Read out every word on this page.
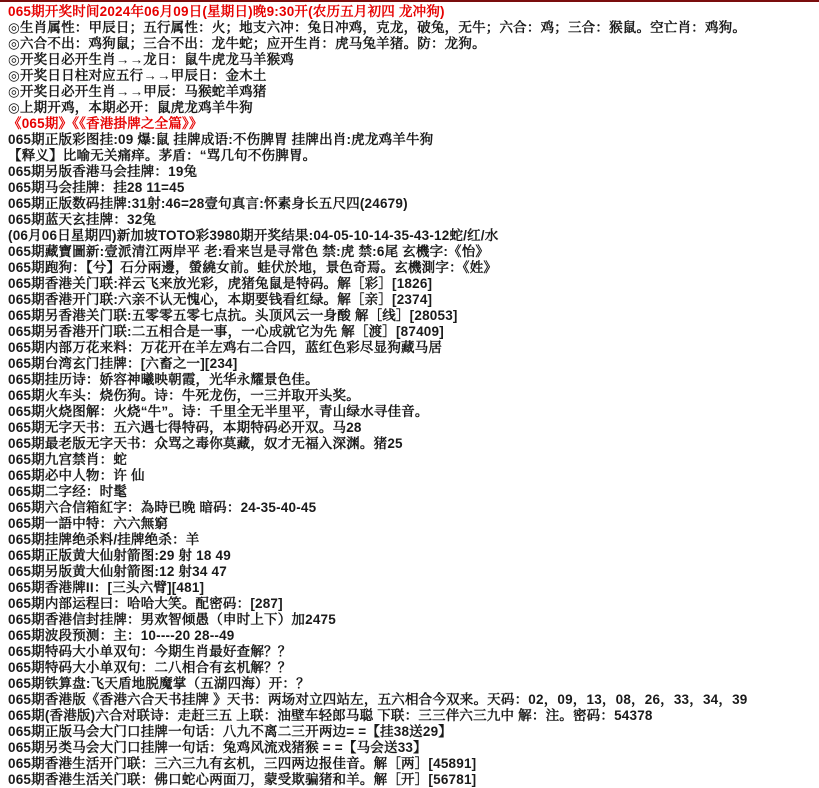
065期开奖时间2024年06月09日(星期日)晚9:30开(农历五月初四 龙冲狗)
◎生肖属性：甲辰日；五行属性：火；地支六冲：兔日冲鸡，克龙，破兔，无牛；六合：鸡；三合：猴鼠。空亡肖：鸡狗。
◎六合不出：鸡狗鼠；三合不出：龙牛蛇；应开生肖：虎马兔羊猪。防：龙狗。
◎开奖日必开生肖→→龙日：鼠牛虎龙马羊猴鸡
◎开奖日日柱对应五行→→甲辰日：金木土
◎开奖日必开生肖→→甲辰：马猴蛇羊鸡猪
◎上期开鸡，本期必开：鼠虎龙鸡羊牛狗
《065期》《《香港掛牌之全篇》》
065期正版彩图挂:09 爆:鼠 挂牌成语:不伤脾胃 挂牌出肖:虎龙鸡羊牛狗
【释义】比喻无关痛痒。茅盾：“骂几句不伤脾胃。
065期另版香港马会挂牌：19兔
065期马会挂牌：挂28 11=45
065期正版数码挂牌:31射:46=28壹句真言:怀素身长五尺四(24679)
065期蓝天玄挂牌：32兔
(06月06日星期四)新加坡TOTO彩3980期开奖结果:04-05-10-14-35-43-12蛇/红/水
065期藏寶圖新:壹派清江两岸平 老:看来岂是寻常色 禁:虎 禁:6尾 玄機字:《怡》
065期跑狗：【兮】石分兩邊，螢繞女前。蛙伏於地，景色奇焉。玄機測字：《姓》
065期香港关门联:祥云飞来放光彩，虎猪兔鼠是特码。解［彩］[1826]
065期香港开门联:六亲不认无愧心，本期要钱看红绿。解［亲］[2374]
065期另香港关门联:五零零五零七点抗。头顶风云一身酸 解［线］[28053]
065期另香港开门联:二五相合是一事，一心成就它为先 解［渡］[87409]
065期内部万花来料：万花开在羊左鸡右二合四，蓝红色彩尽显狗藏马居
065期台湾玄门挂牌：[六畜之一][234]
065期挂历诗：娇容神曦映朝霞，光华永耀景色佳。
065期火车头：烧伤狗。诗：牛死龙伤，一三并取开头奖。
065期火烧图解：火烧“牛”。诗：千里全无半里平，青山绿水寻佳音。
065期无字天书：五六遇七得特码，本期特码必开双。马28
065期最老版无字天书：众骂之毒你莫藏，奴才无福入深渊。猪25
065期九宫禁肖：蛇
065期必中人物：许 仙
065期二字经：时髦
065期六合信箱紅字：為時已晚 暗码：24-35-40-45
065期一語中特：六六無窮
065期挂牌绝杀料/挂牌绝杀：羊
065期正版黄大仙射箭图:29 射 18 49
065期另版黄大仙射箭图:12 射34 47
065期香港牌II：[三头六臂][481]
065期内部运程曰：哈哈大笑。配密码：[287]
065期香港信封挂牌：男欢智倾愚（申时上下）加2475
065期波段预测：主：10----20 28--49
065期特码大小单双句：今期生肖最好查解？？
065期特码大小单双句：二八相合有玄机解？？
065期铁算盘:飞天盾地脱魔掌（五湖四海）开：？
065期香港版《香港六合天书挂牌 》天书：两场对立四站左，五六相合今双来。天码：02，09，13，08，26，33，34，39
065期(香港版)六合对联诗：走赶三五 上联：油壁车轻郎马聪 下联：三三伴六三九中 解：注。密码：54378
065期正版马会大门口挂牌一句话：八九不离二三开两边= =【挂38送29】
065期另类马会大门口挂牌一句话：兔鸡风流戏猪猴 = =【马会送33】
065期香港生活开门联：三六三九有玄机，三四两边报佳音。解［两］[45891]
065期香港生活关门联：佛口蛇心两面刀，蒙受欺骗猪和羊。解［开］[56781]
